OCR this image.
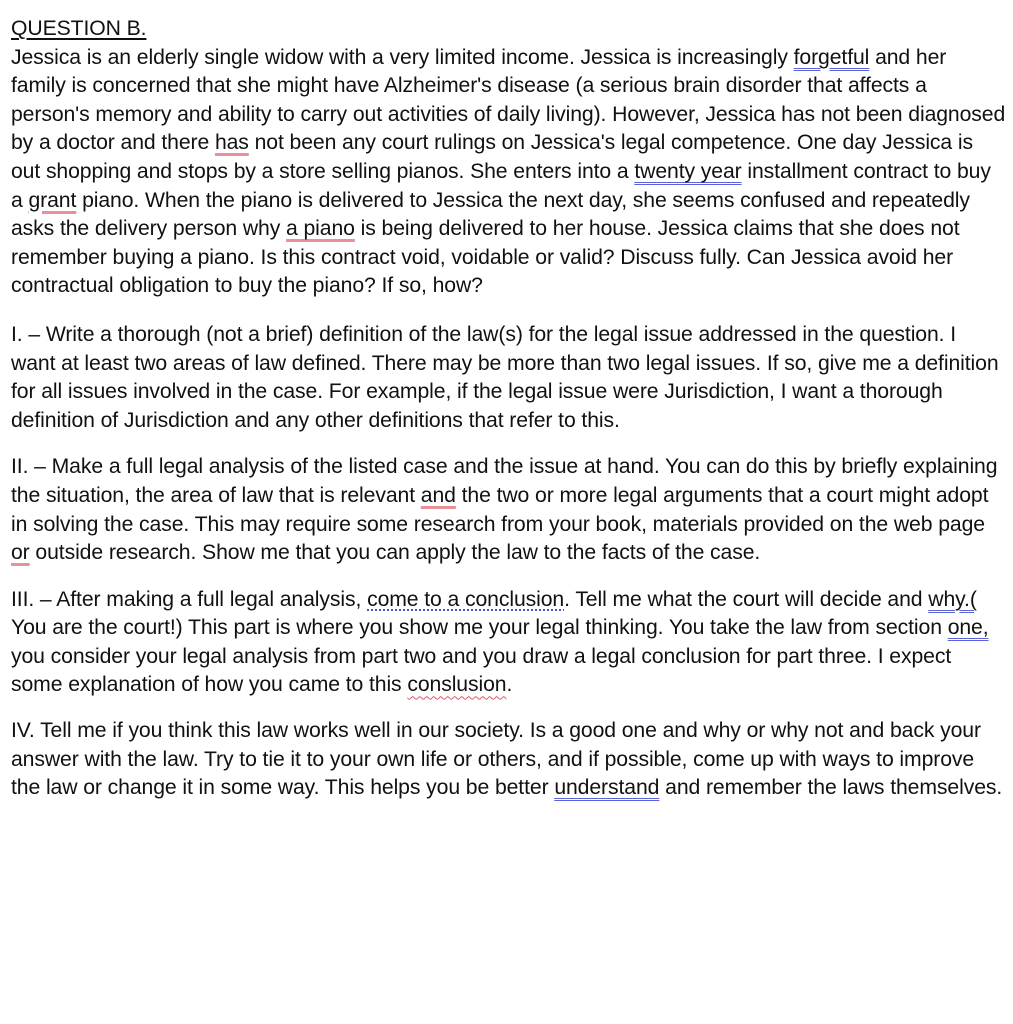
QUESTION B.
Jessica is an elderly single widow with a very limited income. Jessica is increasingly forgetful and her family is concerned that she might have Alzheimer's disease (a serious brain disorder that affects a person's memory and ability to carry out activities of daily living). However, Jessica has not been diagnosed by a doctor and there has not been any court rulings on Jessica's legal competence. One day Jessica is out shopping and stops by a store selling pianos. She enters into a twenty year installment contract to buy a grant piano. When the piano is delivered to Jessica the next day, she seems confused and repeatedly asks the delivery person why a piano is being delivered to her house. Jessica claims that she does not remember buying a piano. Is this contract void, voidable or valid? Discuss fully. Can Jessica avoid her contractual obligation to buy the piano? If so, how?

I. – Write a thorough (not a brief) definition of the law(s) for the legal issue addressed in the question. I want at least two areas of law defined. There may be more than two legal issues. If so, give me a definition for all issues involved in the case. For example, if the legal issue were Jurisdiction, I want a thorough definition of Jurisdiction and any other definitions that refer to this.

II. – Make a full legal analysis of the listed case and the issue at hand. You can do this by briefly explaining the situation, the area of law that is relevant and the two or more legal arguments that a court might adopt in solving the case. This may require some research from your book, materials provided on the web page or outside research. Show me that you can apply the law to the facts of the case.

III. – After making a full legal analysis, come to a conclusion. Tell me what the court will decide and why.( You are the court!) This part is where you show me your legal thinking. You take the law from section one, you consider your legal analysis from part two and you draw a legal conclusion for part three. I expect some explanation of how you came to this conslusion.

IV. Tell me if you think this law works well in our society. Is a good one and why or why not and back your answer with the law. Try to tie it to your own life or others, and if possible, come up with ways to improve the law or change it in some way. This helps you be better understand and remember the laws themselves.
